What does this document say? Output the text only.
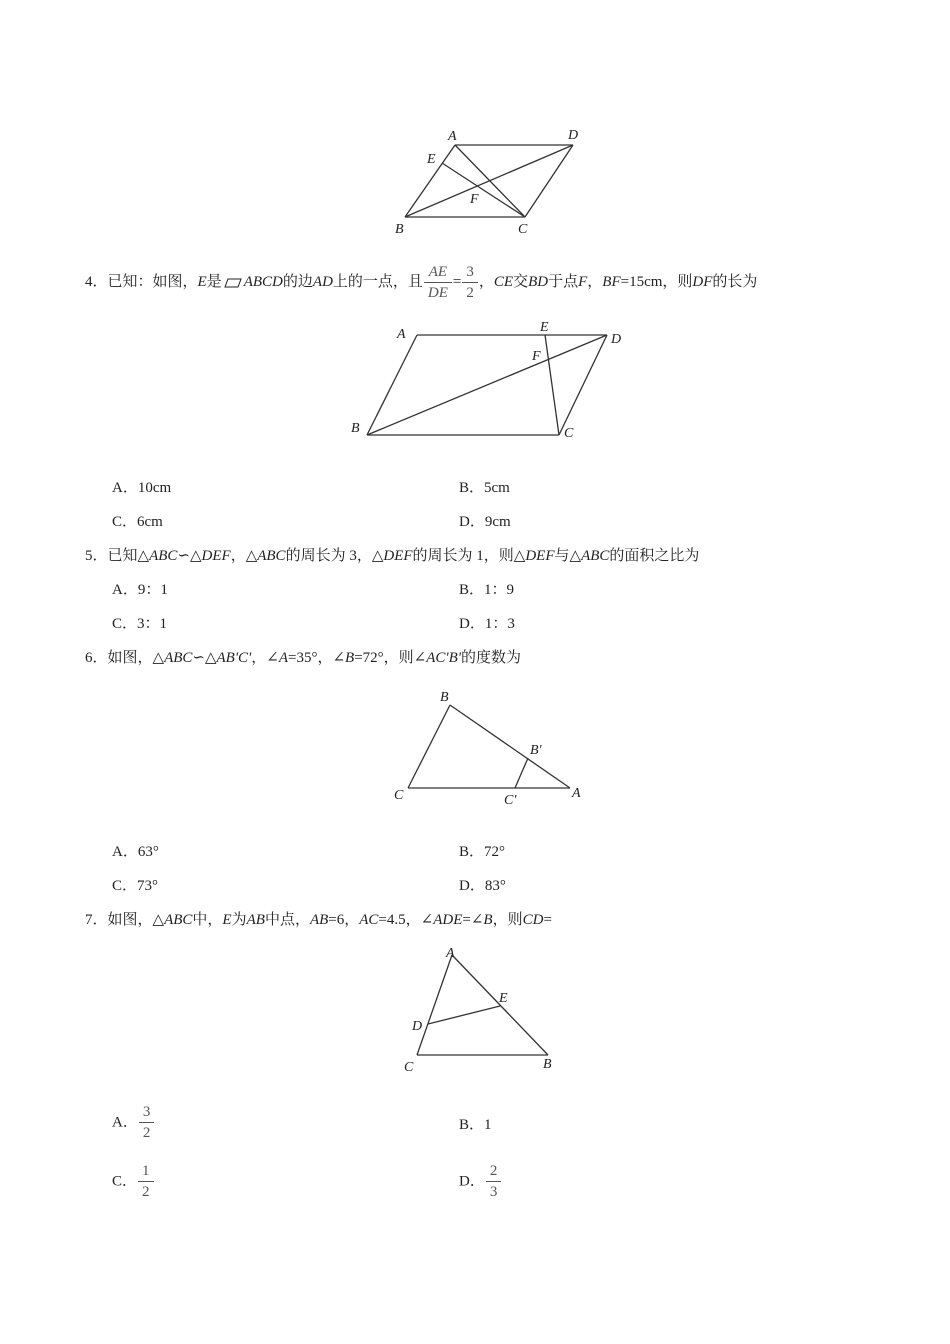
A	D
E
F
B	C
4．已知：如图，E是 ABCD的边AD上的一点，且 $\frac{AE}{DE} = \frac{3}{2}$ ，CE交BD于点F，BF=15cm，则DF的长为
A	E
D
F
B	C
A．10cm	B．5cm
C．6cm	D．9cm
5．已知△ABC∽△DEF，△ABC的周长为 3，△DEF的周长为 1，则△DEF与△ABC的面积之比为
A．9：1	B．1：9
C．3：1	D．1：3
6．如图，△ABC∽△AB'C'，∠A=35°，∠B=72°，则∠AC'B'的度数为
B
B′
C	C′	A
A．63°	B．72°
C．73°	D．83°
7．如图，△ABC中，E为AB中点，AB=6，AC=4.5，∠ADE=∠B，则CD=
A
E
D
C	B
A． $\frac{3}{2}$	B．1
C． $\frac{1}{2}$	D． $\frac{2}{3}$
